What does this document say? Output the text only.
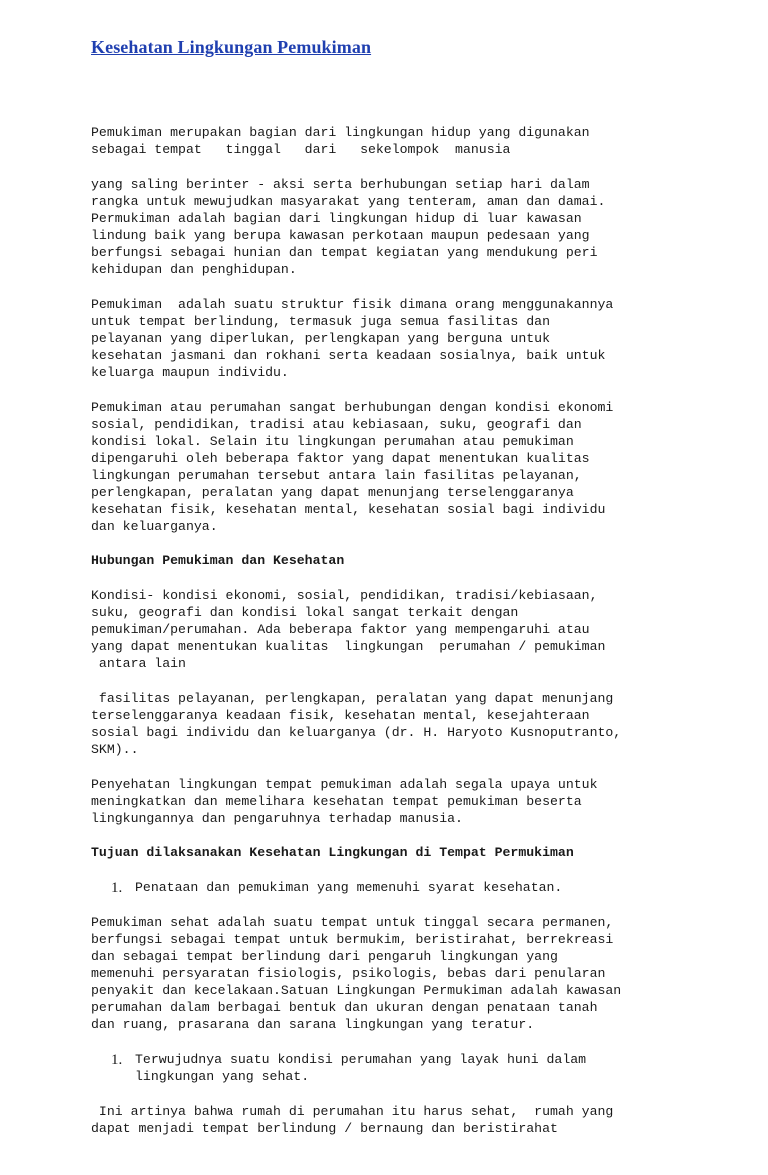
Kesehatan Lingkungan Pemukiman
Pemukiman merupakan bagian dari lingkungan hidup yang digunakan
sebagai tempat   tinggal   dari   sekelompok  manusia
yang saling berinter - aksi serta berhubungan setiap hari dalam
rangka untuk mewujudkan masyarakat yang tenteram, aman dan damai.
Permukiman adalah bagian dari lingkungan hidup di luar kawasan
lindung baik yang berupa kawasan perkotaan maupun pedesaan yang
berfungsi sebagai hunian dan tempat kegiatan yang mendukung peri
kehidupan dan penghidupan.
Pemukiman  adalah suatu struktur fisik dimana orang menggunakannya
untuk tempat berlindung, termasuk juga semua fasilitas dan
pelayanan yang diperlukan, perlengkapan yang berguna untuk
kesehatan jasmani dan rokhani serta keadaan sosialnya, baik untuk
keluarga maupun individu.
Pemukiman atau perumahan sangat berhubungan dengan kondisi ekonomi
sosial, pendidikan, tradisi atau kebiasaan, suku, geografi dan
kondisi lokal. Selain itu lingkungan perumahan atau pemukiman
dipengaruhi oleh beberapa faktor yang dapat menentukan kualitas
lingkungan perumahan tersebut antara lain fasilitas pelayanan,
perlengkapan, peralatan yang dapat menunjang terselenggaranya
kesehatan fisik, kesehatan mental, kesehatan sosial bagi individu
dan keluarganya.
Hubungan Pemukiman dan Kesehatan
Kondisi- kondisi ekonomi, sosial, pendidikan, tradisi/kebiasaan,
suku, geografi dan kondisi lokal sangat terkait dengan
pemukiman/perumahan. Ada beberapa faktor yang mempengaruhi atau
yang dapat menentukan kualitas  lingkungan  perumahan / pemukiman
antara lain
fasilitas pelayanan, perlengkapan, peralatan yang dapat menunjang
terselenggaranya keadaan fisik, kesehatan mental, kesejahteraan
sosial bagi individu dan keluarganya (dr. H. Haryoto Kusnoputranto,
SKM)..
Penyehatan lingkungan tempat pemukiman adalah segala upaya untuk
meningkatkan dan memelihara kesehatan tempat pemukiman beserta
lingkungannya dan pengaruhnya terhadap manusia.
Tujuan dilaksanakan Kesehatan Lingkungan di Tempat Permukiman
1. Penataan dan pemukiman yang memenuhi syarat kesehatan.
Pemukiman sehat adalah suatu tempat untuk tinggal secara permanen,
berfungsi sebagai tempat untuk bermukim, beristirahat, berrekreasi
dan sebagai tempat berlindung dari pengaruh lingkungan yang
memenuhi persyaratan fisiologis, psikologis, bebas dari penularan
penyakit dan kecelakaan.Satuan Lingkungan Permukiman adalah kawasan
perumahan dalam berbagai bentuk dan ukuran dengan penataan tanah
dan ruang, prasarana dan sarana lingkungan yang teratur.
1. Terwujudnya suatu kondisi perumahan yang layak huni dalam
lingkungan yang sehat.
Ini artinya bahwa rumah di perumahan itu harus sehat,  rumah yang
dapat menjadi tempat berlindung / bernaung dan beristirahat
